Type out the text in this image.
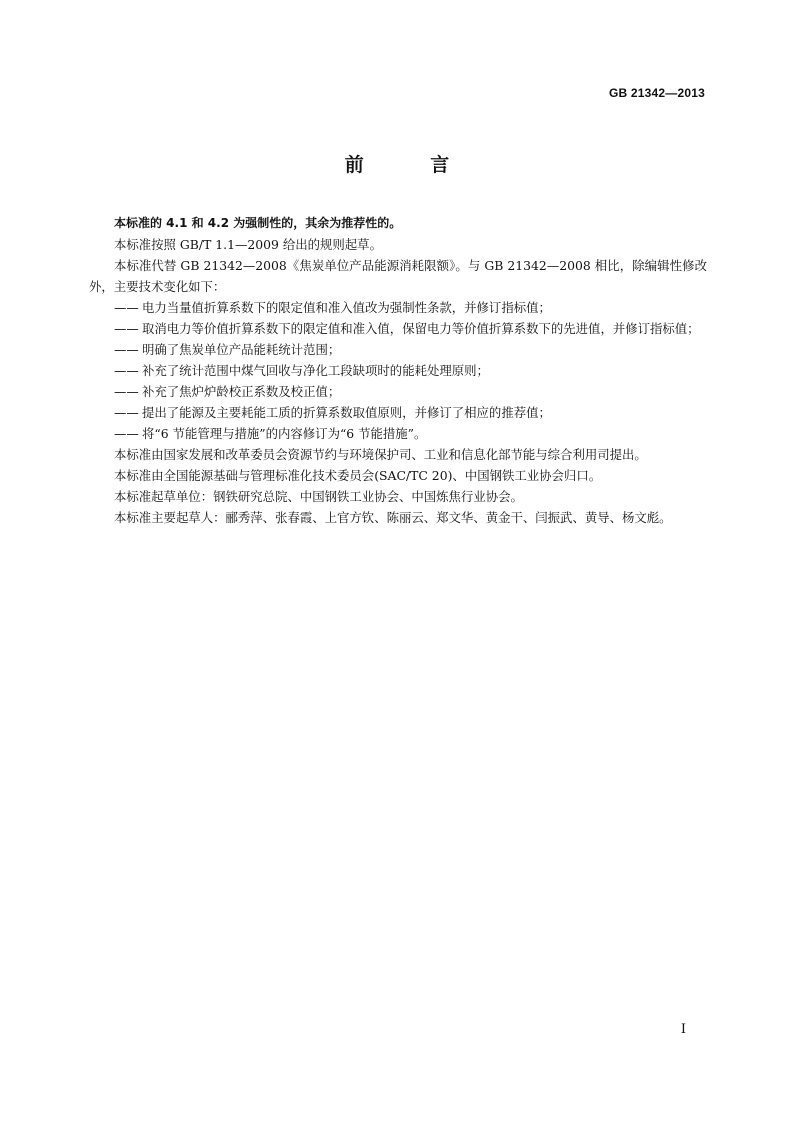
GB 21342—2013
前 言

本标准的 4.1 和 4.2 为强制性的，其余为推荐性的。

本标准按照 GB/T 1.1—2009 给出的规则起草。

本标准代替 GB 21342—2008《焦炭单位产品能源消耗限额》。与 GB 21342—2008 相比，除编辑性修改外，主要技术变化如下：

—— 电力当量值折算系数下的限定值和准入值改为强制性条款，并修订指标值；
—— 取消电力等价值折算系数下的限定值和准入值，保留电力等价值折算系数下的先进值，并修订指标值；
—— 明确了焦炭单位产品能耗统计范围；
—— 补充了统计范围中煤气回收与净化工段缺项时的能耗处理原则；
—— 补充了焦炉炉龄校正系数及校正值；
—— 提出了能源及主要耗能工质的折算系数取值原则，并修订了相应的推荐值；
—— 将“6 节能管理与措施”的内容修订为“6 节能措施”。

本标准由国家发展和改革委员会资源节约与环境保护司、工业和信息化部节能与综合利用司提出。

本标准由全国能源基础与管理标准化技术委员会(SAC/TC 20)、中国钢铁工业协会归口。

本标准起草单位：钢铁研究总院、中国钢铁工业协会、中国炼焦行业协会。

本标准主要起草人：郦秀萍、张春霞、上官方钦、陈丽云、郑文华、黄金干、闫振武、黄导、杨文彪。

I
